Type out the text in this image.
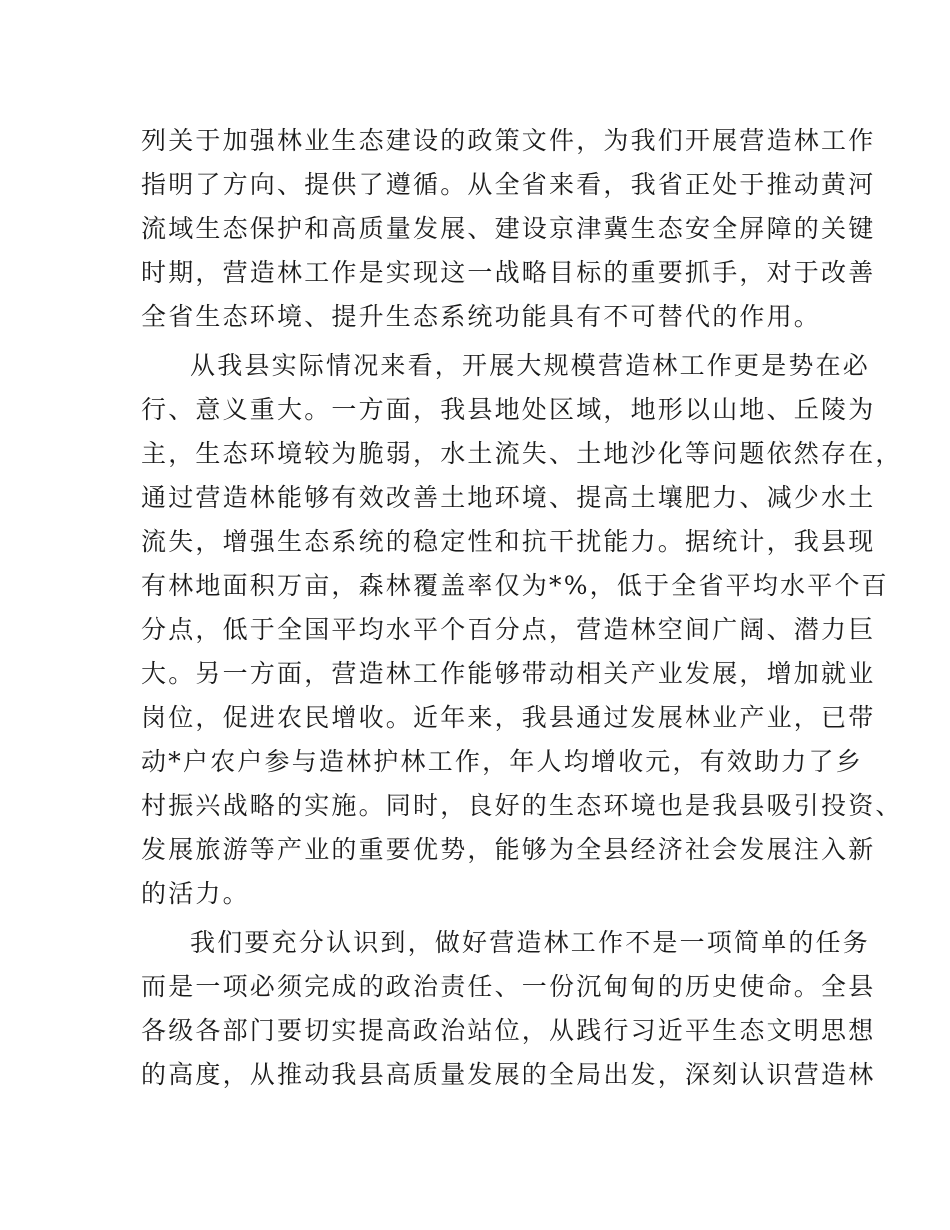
列关于加强林业生态建设的政策文件，为我们开展营造林工作
指明了方向、提供了遵循。从全省来看，我省正处于推动黄河
流域生态保护和高质量发展、建设京津冀生态安全屏障的关键
时期，营造林工作是实现这一战略目标的重要抓手，对于改善
全省生态环境、提升生态系统功能具有不可替代的作用。
从我县实际情况来看，开展大规模营造林工作更是势在必
行、意义重大。一方面，我县地处区域，地形以山地、丘陵为
主，生态环境较为脆弱，水土流失、土地沙化等问题依然存在，
通过营造林能够有效改善土地环境、提高土壤肥力、减少水土
流失，增强生态系统的稳定性和抗干扰能力。据统计，我县现
有林地面积万亩，森林覆盖率仅为*%，低于全省平均水平个百
分点，低于全国平均水平个百分点，营造林空间广阔、潜力巨
大。另一方面，营造林工作能够带动相关产业发展，增加就业
岗位，促进农民增收。近年来，我县通过发展林业产业，已带
动*户农户参与造林护林工作，年人均增收元，有效助力了乡
村振兴战略的实施。同时，良好的生态环境也是我县吸引投资、
发展旅游等产业的重要优势，能够为全县经济社会发展注入新
的活力。
我们要充分认识到，做好营造林工作不是一项简单的任务
而是一项必须完成的政治责任、一份沉甸甸的历史使命。全县
各级各部门要切实提高政治站位，从践行习近平生态文明思想
的高度，从推动我县高质量发展的全局出发，深刻认识营造林
